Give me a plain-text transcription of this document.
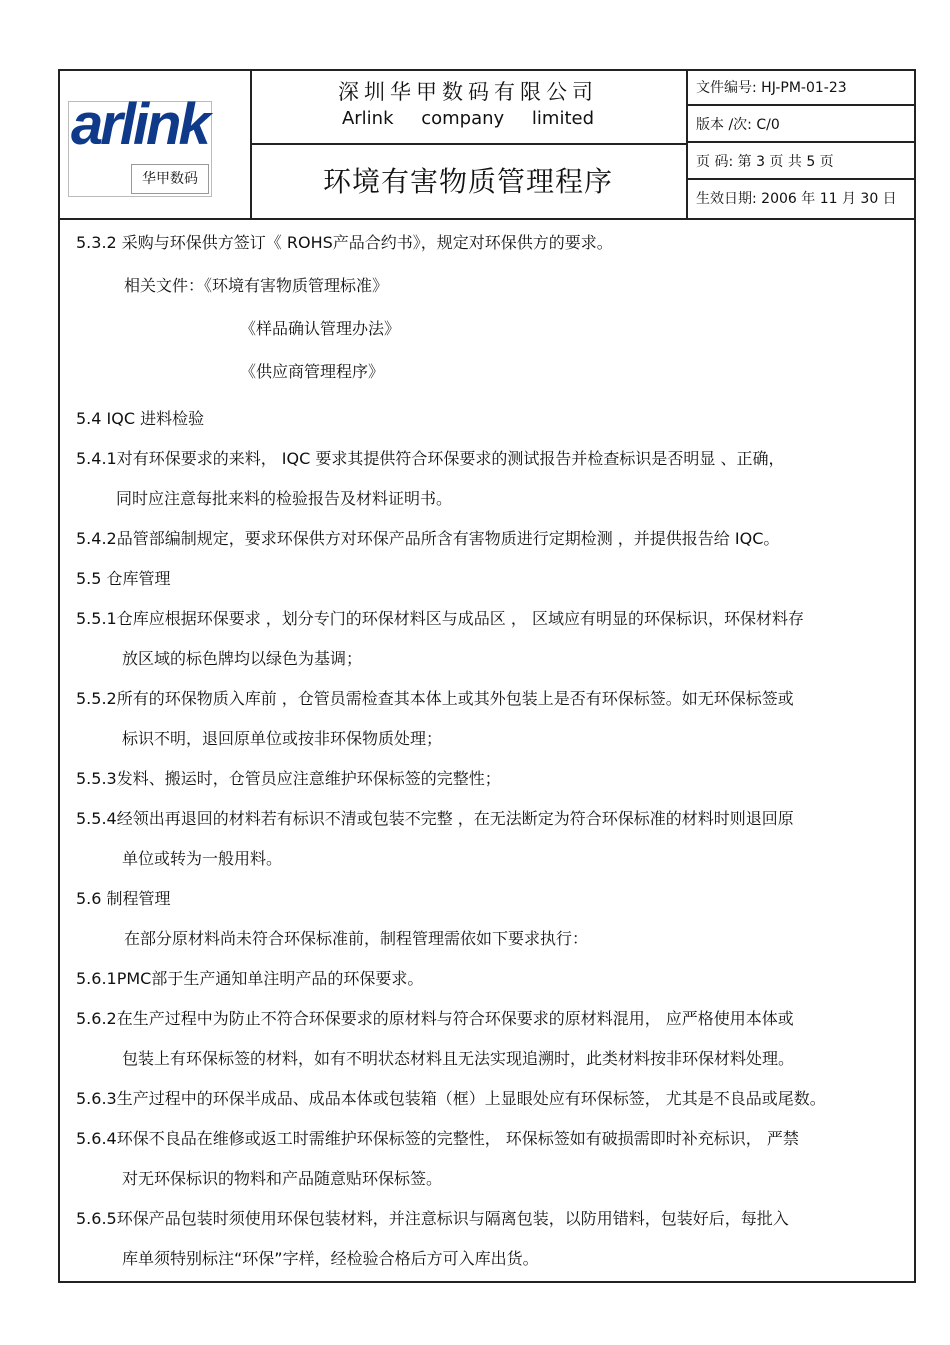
arlink
华甲数码
深圳华甲数码有限公司
Arlink company limited
环境有害物质管理程序
文件编号: HJ-PM-01-23
版本 /次: C/0
页 码: 第 3 页 共 5 页
生效日期: 2006 年 11 月 30 日
5.3.2 采购与环保供方签订《 ROHS产品合约书》，规定对环保供方的要求。
相关文件：《环境有害物质管理标准》
《样品确认管理办法》
《供应商管理程序》
5.4 IQC 进料检验
5.4.1对有环保要求的来料， IQC 要求其提供符合环保要求的测试报告并检查标识是否明显 、正确，
同时应注意每批来料的检验报告及材料证明书。
5.4.2品管部编制规定，要求环保供方对环保产品所含有害物质进行定期检测 ，并提供报告给 IQC。
5.5 仓库管理
5.5.1仓库应根据环保要求 ，划分专门的环保材料区与成品区 ， 区域应有明显的环保标识，环保材料存
放区域的标色牌均以绿色为基调；
5.5.2所有的环保物质入库前 ，仓管员需检查其本体上或其外包装上是否有环保标签。如无环保标签或
标识不明，退回原单位或按非环保物质处理；
5.5.3发料、搬运时，仓管员应注意维护环保标签的完整性；
5.5.4经领出再退回的材料若有标识不清或包装不完整 ，在无法断定为符合环保标准的材料时则退回原
单位或转为一般用料。
5.6 制程管理
在部分原材料尚未符合环保标准前，制程管理需依如下要求执行：
5.6.1PMC部于生产通知单注明产品的环保要求。
5.6.2在生产过程中为防止不符合环保要求的原材料与符合环保要求的原材料混用， 应严格使用本体或
包装上有环保标签的材料，如有不明状态材料且无法实现追溯时，此类材料按非环保材料处理。
5.6.3生产过程中的环保半成品、成品本体或包装箱（框）上显眼处应有环保标签， 尤其是不良品或尾数。
5.6.4环保不良品在维修或返工时需维护环保标签的完整性， 环保标签如有破损需即时补充标识， 严禁
对无环保标识的物料和产品随意贴环保标签。
5.6.5环保产品包装时须使用环保包装材料，并注意标识与隔离包装，以防用错料，包装好后，每批入
库单须特别标注“环保”字样，经检验合格后方可入库出货。
